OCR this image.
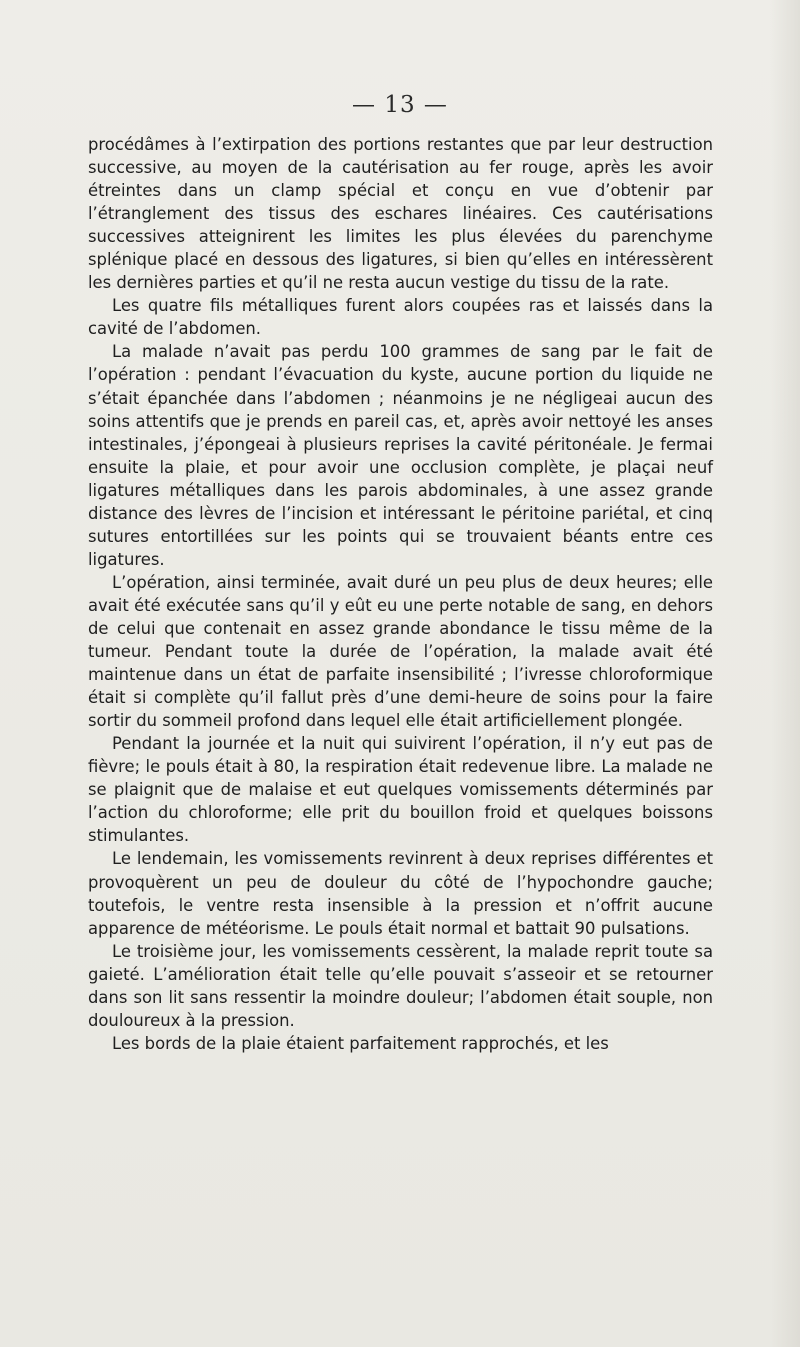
— 13 —

procédâmes à l’extirpation des portions restantes que par leur destruction successive, au moyen de la cautérisation au fer rouge, après les avoir étreintes dans un clamp spécial et conçu en vue d’obtenir par l’étranglement des tissus des eschares linéaires. Ces cautérisations successives atteignirent les limites les plus élevées du parenchyme splénique placé en dessous des ligatures, si bien qu’elles en intéressèrent les dernières parties et qu’il ne resta aucun vestige du tissu de la rate.

Les quatre fils métalliques furent alors coupées ras et laissés dans la cavité de l’abdomen.

La malade n’avait pas perdu 100 grammes de sang par le fait de l’opération : pendant l’évacuation du kyste, aucune portion du liquide ne s’était épanchée dans l’abdomen ; néanmoins je ne négligeai aucun des soins attentifs que je prends en pareil cas, et, après avoir nettoyé les anses intestinales, j’épongeai à plusieurs reprises la cavité péritonéale. Je fermai ensuite la plaie, et pour avoir une occlusion complète, je plaçai neuf ligatures métalliques dans les parois abdominales, à une assez grande distance des lèvres de l’incision et intéressant le péritoine pariétal, et cinq sutures entortillées sur les points qui se trouvaient béants entre ces ligatures.

L’opération, ainsi terminée, avait duré un peu plus de deux heures; elle avait été exécutée sans qu’il y eût eu une perte notable de sang, en dehors de celui que contenait en assez grande abondance le tissu même de la tumeur. Pendant toute la durée de l’opération, la malade avait été maintenue dans un état de parfaite insensibilité ; l’ivresse chloroformique était si complète qu’il fallut près d’une demi-heure de soins pour la faire sortir du sommeil profond dans lequel elle était artificiellement plongée.

Pendant la journée et la nuit qui suivirent l’opération, il n’y eut pas de fièvre; le pouls était à 80, la respiration était redevenue libre. La malade ne se plaignit que de malaise et eut quelques vomissements déterminés par l’action du chloroforme; elle prit du bouillon froid et quelques boissons stimulantes.

Le lendemain, les vomissements revinrent à deux reprises différentes et provoquèrent un peu de douleur du côté de l’hypochondre gauche; toutefois, le ventre resta insensible à la pression et n’offrit aucune apparence de météorisme. Le pouls était normal et battait 90 pulsations.

Le troisième jour, les vomissements cessèrent, la malade reprit toute sa gaieté. L’amélioration était telle qu’elle pouvait s’asseoir et se retourner dans son lit sans ressentir la moindre douleur; l’abdomen était souple, non douloureux à la pression.

Les bords de la plaie étaient parfaitement rapprochés, et les
